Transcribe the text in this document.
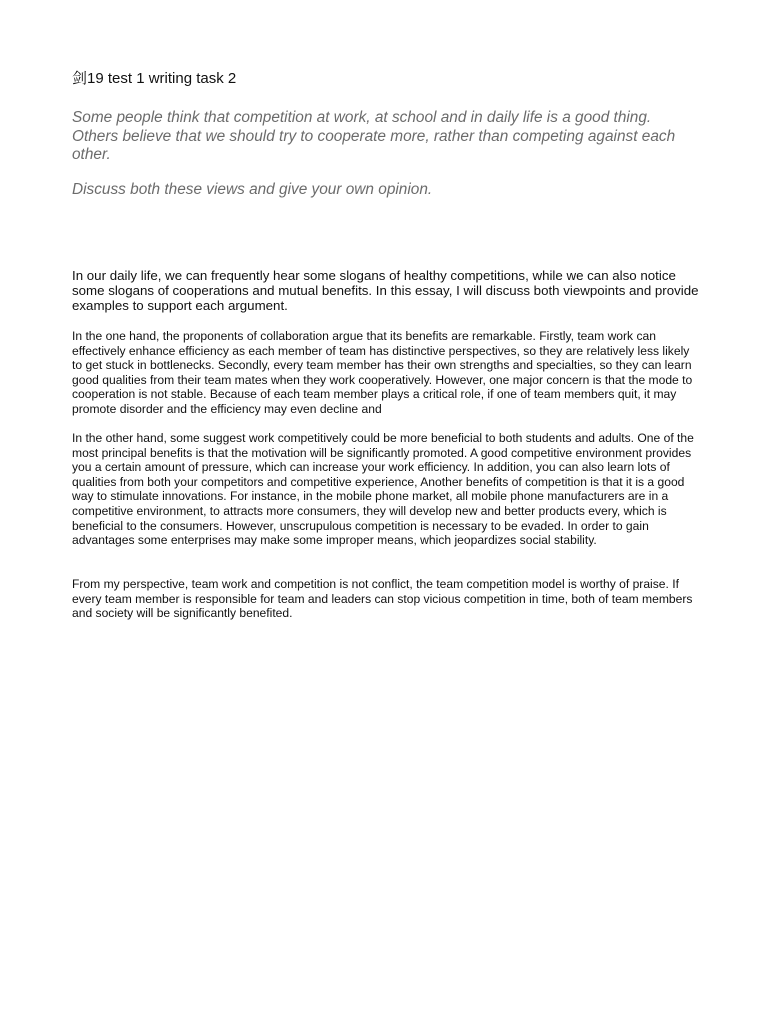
剑19 test 1 writing task 2

Some people think that competition at work, at school and in daily life is a good thing. Others believe that we should try to cooperate more, rather than competing against each other.

Discuss both these views and give your own opinion.

In our daily life, we can frequently hear some slogans of healthy competitions, while we can also notice some slogans of cooperations and mutual benefits. In this essay, I will discuss both viewpoints and provide examples to support each argument.

In the one hand, the proponents of collaboration argue that its benefits are remarkable. Firstly, team work can effectively enhance efficiency as each member of team has distinctive perspectives, so they are relatively less likely to get stuck in bottlenecks. Secondly, every team member has their own strengths and specialties, so they can learn good qualities from their team mates when they work cooperatively. However, one major concern is that the mode to cooperation is not stable. Because of each team member plays a critical role, if one of team members quit, it may promote disorder and the efficiency may even decline and

In the other hand, some suggest work competitively could be more beneficial to both students and adults. One of the most principal benefits is that the motivation will be significantly promoted. A good competitive environment provides you a certain amount of pressure, which can increase your work efficiency. In addition, you can also learn lots of qualities from both your competitors and competitive experience, Another benefits of competition is that it is a good way to stimulate innovations. For instance, in the mobile phone market, all mobile phone manufacturers are in a competitive environment, to attracts more consumers, they will develop new and better products every, which is beneficial to the consumers. However, unscrupulous competition is necessary to be evaded. In order to gain advantages some enterprises may make some improper means, which jeopardizes social stability.

From my perspective, team work and competition is not conflict, the team competition model is worthy of praise. If every team member is responsible for team and leaders can stop vicious competition in time, both of team members and society will be significantly benefited.
